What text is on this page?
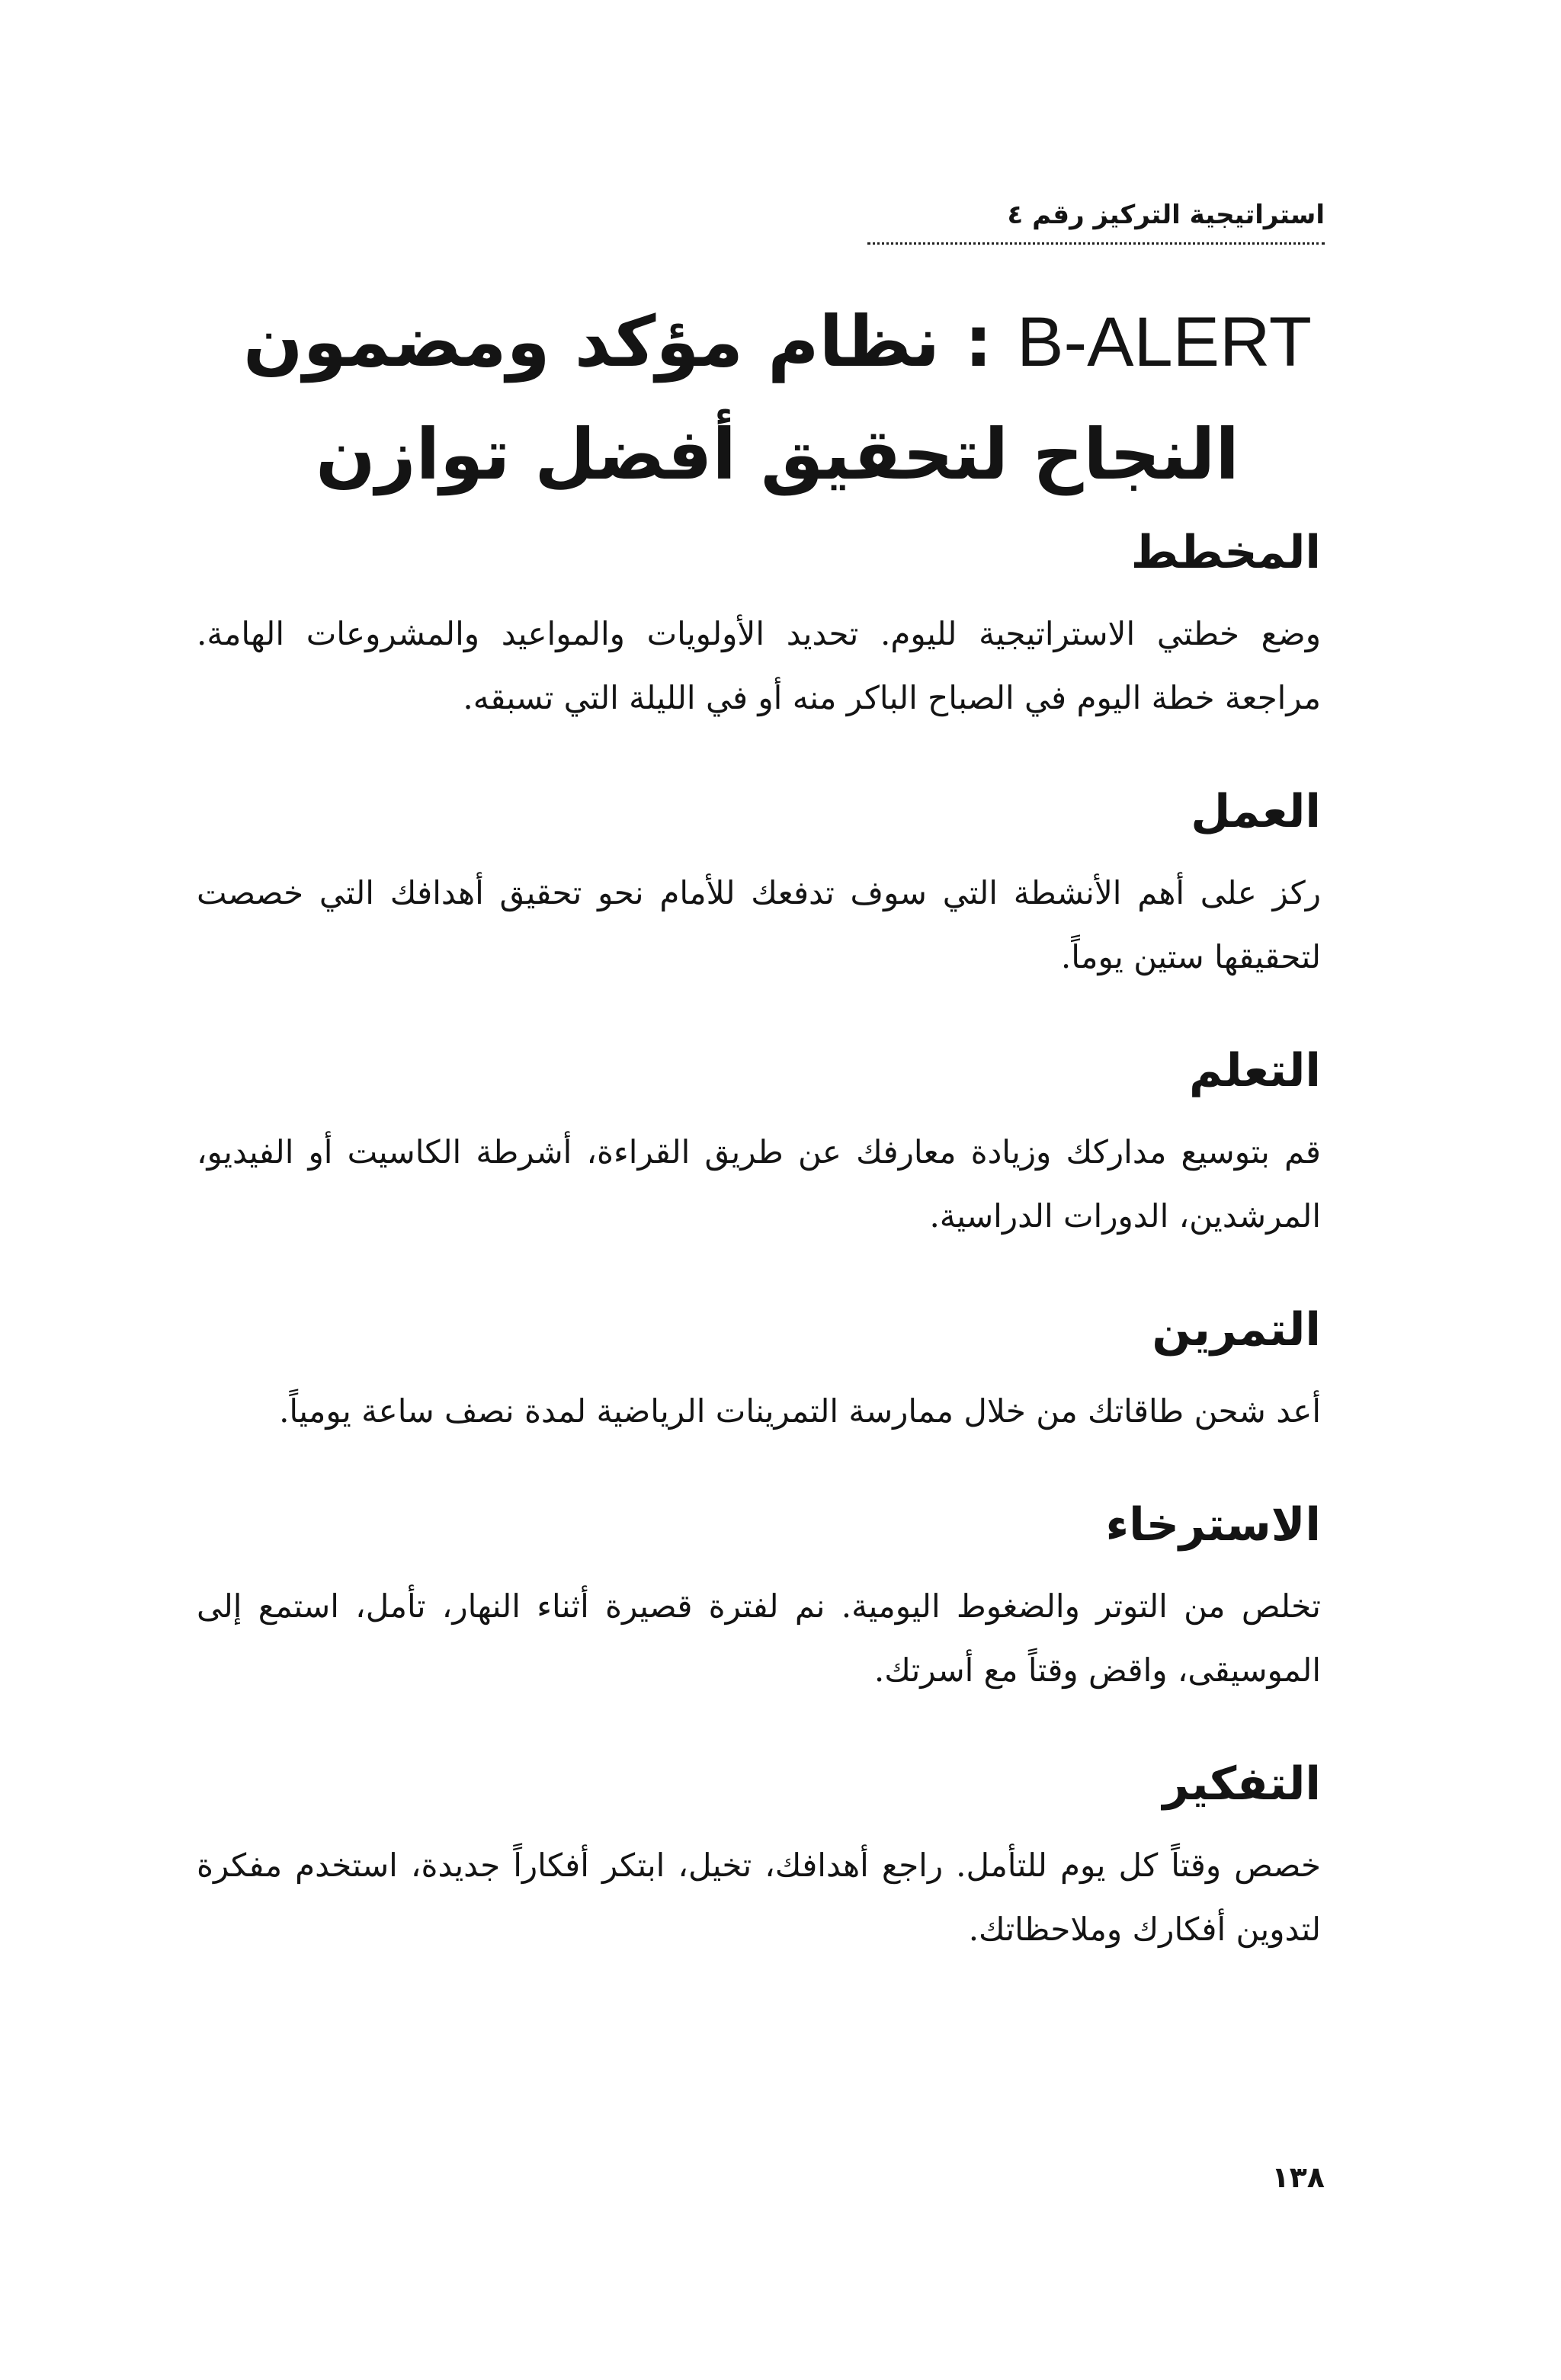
استراتيجية التركيز رقم ٤
B-ALERT : نظام مؤكد ومضمون
النجاح لتحقيق أفضل توازن
المخطط
وضع خطتي الاستراتيجية لليوم. تحديد الأولويات والمواعيد والمشروعات الهامة. مراجعة خطة اليوم في الصباح الباكر منه أو في الليلة التي تسبقه.
العمل
ركز على أهم الأنشطة التي سوف تدفعك للأمام نحو تحقيق أهدافك التي خصصت لتحقيقها ستين يوماً.
التعلم
قم بتوسيع مداركك وزيادة معارفك عن طريق القراءة، أشرطة الكاسيت أو الفيديو، المرشدين، الدورات الدراسية.
التمرين
أعد شحن طاقاتك من خلال ممارسة التمرينات الرياضية لمدة نصف ساعة يومياً.
الاسترخاء
تخلص من التوتر والضغوط اليومية. نم لفترة قصيرة أثناء النهار، تأمل، استمع إلى الموسيقى، واقض وقتاً مع أسرتك.
التفكير
خصص وقتاً كل يوم للتأمل. راجع أهدافك، تخيل، ابتكر أفكاراً جديدة، استخدم مفكرة لتدوين أفكارك وملاحظاتك.
١٣٨
